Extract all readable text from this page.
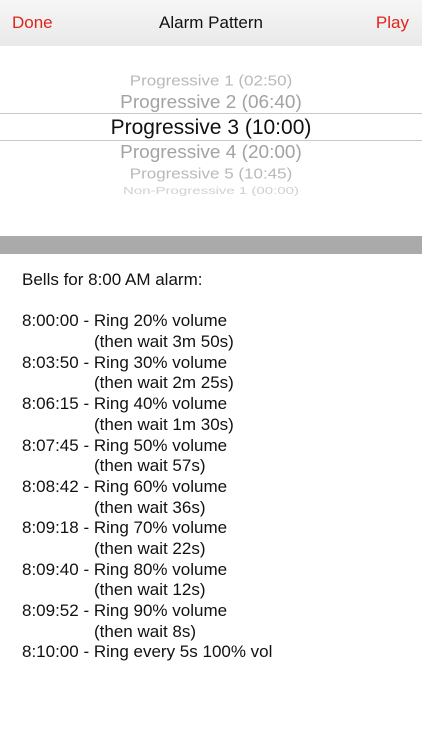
Done	Alarm Pattern	Play
Progressive 1 (02:50)
Progressive 2 (06:40)
Progressive 3 (10:00)
Progressive 4 (20:00)
Progressive 5 (10:45)
Non-Progressive 1 (00:00)
Bells for 8:00 AM alarm:
8:00:00 - Ring 20% volume
(then wait 3m 50s)
8:03:50 - Ring 30% volume
(then wait 2m 25s)
8:06:15 - Ring 40% volume
(then wait 1m 30s)
8:07:45 - Ring 50% volume
(then wait 57s)
8:08:42 - Ring 60% volume
(then wait 36s)
8:09:18 - Ring 70% volume
(then wait 22s)
8:09:40 - Ring 80% volume
(then wait 12s)
8:09:52 - Ring 90% volume
(then wait 8s)
8:10:00 - Ring every 5s 100% vol
